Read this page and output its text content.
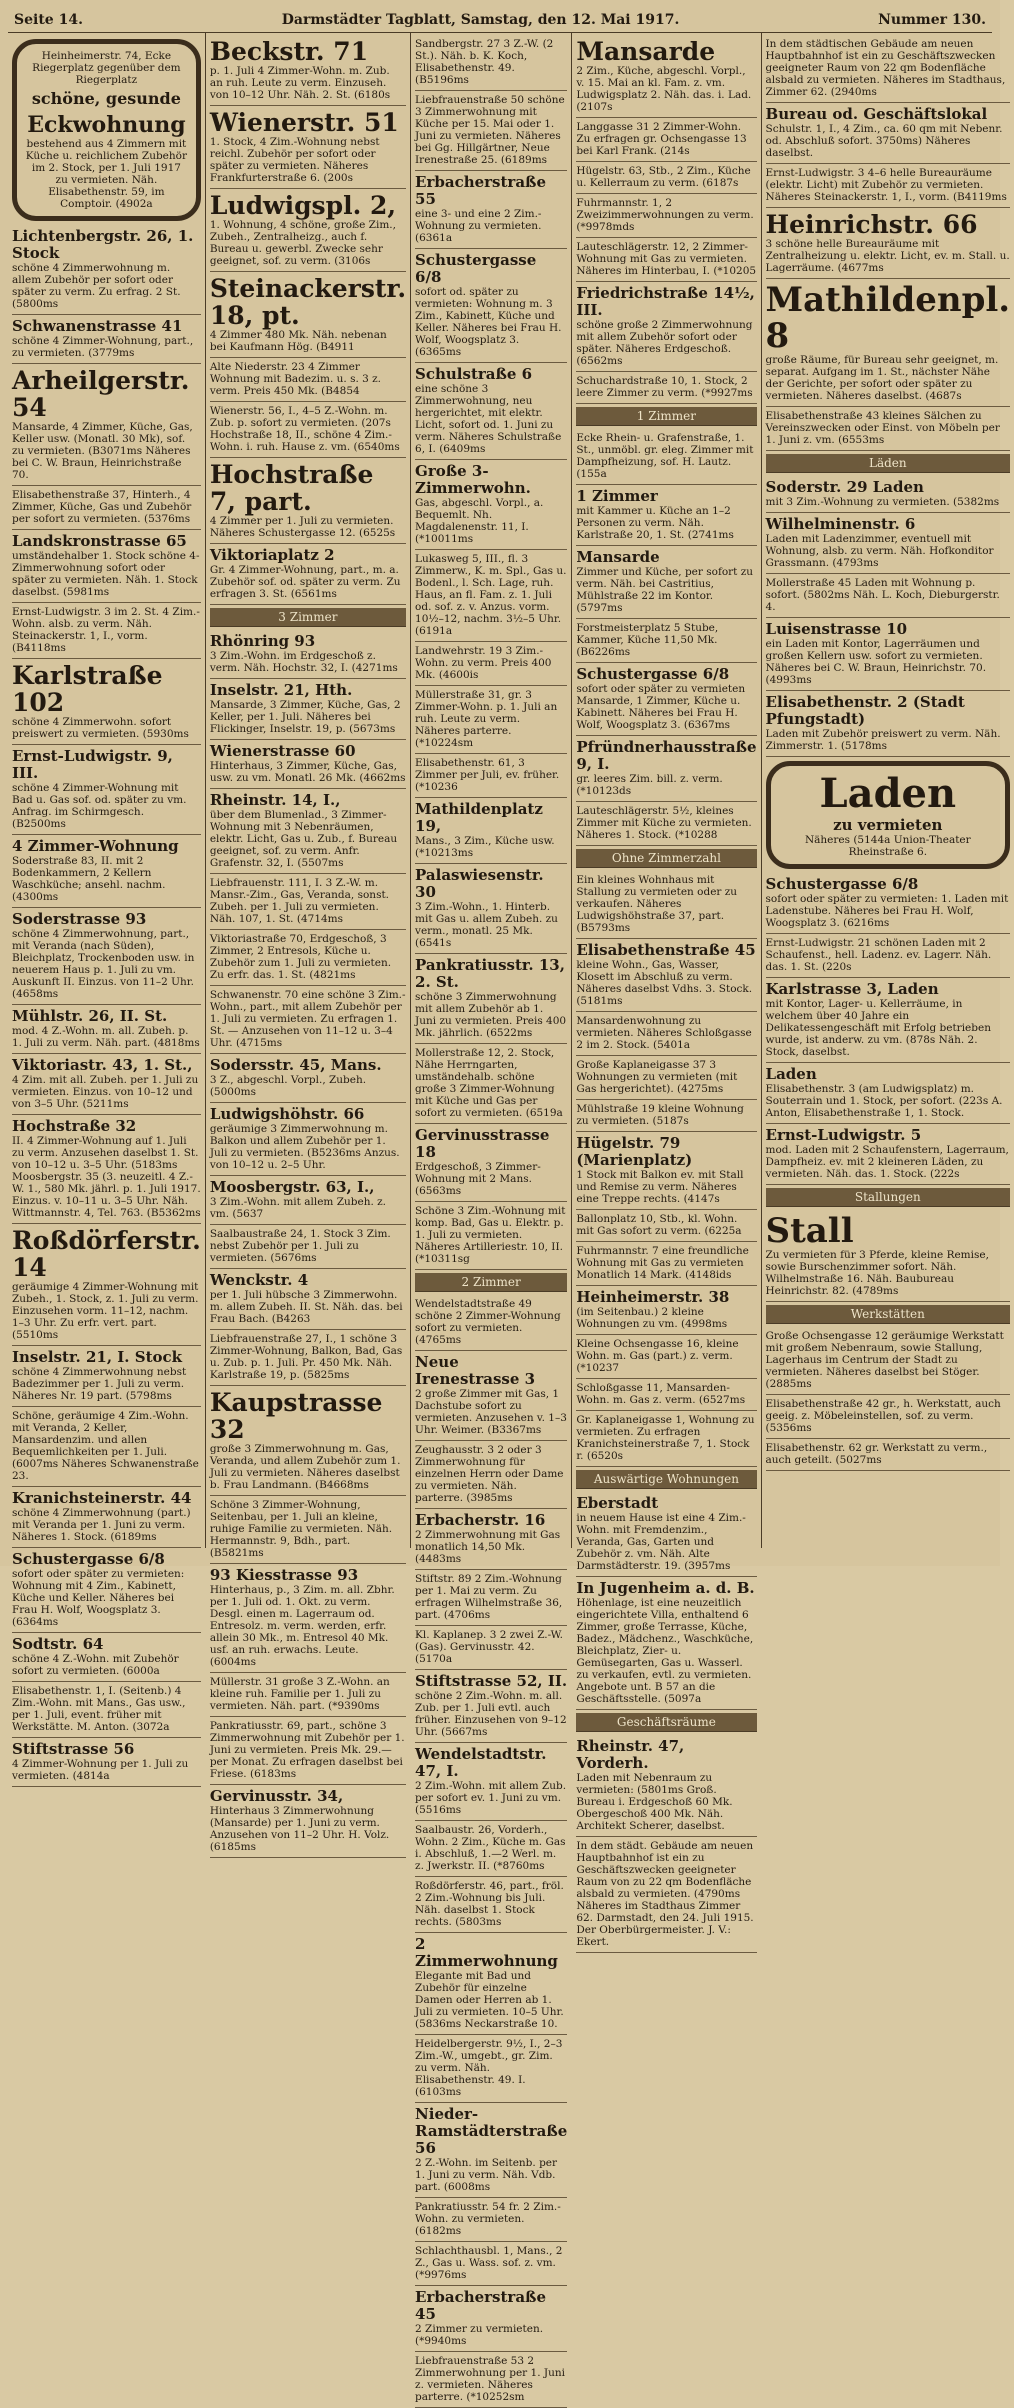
Seite 14.	Darmstädter Tagblatt, Samstag, den 12. Mai 1917.	Nummer 130.
Heinheimerstr. 74, Ecke Riegerplatz gegenüber dem Riegerplatz
schöne, gesunde
Eckwohnung
bestehend aus 4 Zimmern mit Küche u. reichlichem Zubehör im 2. Stock, per 1. Juli 1917 zu vermieten. Näh. Elisabethenstr. 59, im Comptoir. (4902a
Lichtenbergstr. 26, 1. Stock
schöne 4 Zimmerwohnung m. allem Zubehör per sofort oder später zu verm. Zu erfrag. 2 St. (5800ms
Schwanenstrasse 41
schöne 4 Zimmer-Wohnung, part., zu vermieten. (3779ms
Arheilgerstr. 54
Mansarde, 4 Zimmer, Küche, Gas, Keller usw. (Monatl. 30 Mk), sof. zu vermieten. (B3071ms Näheres bei C. W. Braun, Heinrichstraße 70.
Elisabethenstraße 37, Hinterh., 4 Zimmer, Küche, Gas und Zubehör per sofort zu vermieten. (5376ms
Landskronstrasse 65
umständehalber 1. Stock schöne 4-Zimmerwohnung sofort oder später zu vermieten. Näh. 1. Stock daselbst. (5981ms
Ernst-Ludwigstr. 3 im 2. St. 4 Zim.-Wohn. alsb. zu verm. Näh. Steinackerstr. 1, I., vorm. (B4118ms
Karlstraße 102
schöne 4 Zimmerwohn. sofort preiswert zu vermieten. (5930ms
Ernst-Ludwigstr. 9, III.
schöne 4 Zimmer-Wohnung mit Bad u. Gas sof. od. später zu vm. Anfrag. im Schirmgesch. (B2500ms
4 Zimmer-Wohnung
Soderstraße 83, II. mit 2 Bodenkammern, 2 Kellern Waschküche; ansehl. nachm. (4300ms
Soderstrasse 93
schöne 4 Zimmerwohnung, part., mit Veranda (nach Süden), Bleichplatz, Trockenboden usw. in neuerem Haus p. 1. Juli zu vm. Auskunft II. Einzus. von 11–2 Uhr. (4658ms
Mühlstr. 26, II. St.
mod. 4 Z.-Wohn. m. all. Zubeh. p. 1. Juli zu verm. Näh. part. (4818ms
Viktoriastr. 43, 1. St.,
4 Zim. mit all. Zubeh. per 1. Juli zu vermieten. Einzus. von 10–12 und von 3–5 Uhr. (5211ms
Hochstraße 32
II. 4 Zimmer-Wohnung auf 1. Juli zu verm. Anzusehen daselbst 1. St. von 10–12 u. 3–5 Uhr. (5183ms Moosbergstr. 35 (3. neuzeitl. 4 Z.-W. 1., 580 Mk. jährl. p. 1. Juli 1917. Einzus. v. 10–11 u. 3–5 Uhr. Näh. Wittmannstr. 4, Tel. 763. (B5362ms
Roßdörferstr. 14
geräumige 4 Zimmer-Wohnung mit Zubeh., 1. Stock, z. 1. Juli zu verm. Einzusehen vorm. 11–12, nachm. 1–3 Uhr. Zu erfr. vert. part. (5510ms
Inselstr. 21, I. Stock
schöne 4 Zimmerwohnung nebst Badezimmer per 1. Juli zu verm. Näheres Nr. 19 part. (5798ms
Schöne, geräumige 4 Zim.-Wohn. mit Veranda, 2 Keller, Mansardenzim. und allen Bequemlichkeiten per 1. Juli. (6007ms Näheres Schwanenstraße 23.
Kranichsteinerstr. 44
schöne 4 Zimmerwohnung (part.) mit Veranda per 1. Juni zu verm. Näheres 1. Stock. (6189ms
Schustergasse 6/8
sofort oder später zu vermieten: Wohnung mit 4 Zim., Kabinett, Küche und Keller. Näheres bei Frau H. Wolf, Woogsplatz 3. (6364ms
Sodtstr. 64
schöne 4 Z.-Wohn. mit Zubehör sofort zu vermieten. (6000a
Elisabethenstr. 1, I. (Seitenb.) 4 Zim.-Wohn. mit Mans., Gas usw., per 1. Juli, event. früher mit Werkstätte. M. Anton. (3072a
Stiftstrasse 56
4 Zimmer-Wohnung per 1. Juli zu vermieten. (4814a
Beckstr. 71
p. 1. Juli 4 Zimmer-Wohn. m. Zub. an ruh. Leute zu verm. Einzuseh. von 10–12 Uhr. Näh. 2. St. (6180s
Wienerstr. 51
1. Stock, 4 Zim.-Wohnung nebst reichl. Zubehör per sofort oder später zu vermieten. Näheres Frankfurterstraße 6. (200s
Ludwigspl. 2,
1. Wohnung, 4 schöne, große Zim., Zubeh., Zentralheizg., auch f. Bureau u. gewerbl. Zwecke sehr geeignet, sof. zu verm. (3106s
Steinackerstr. 18, pt.
4 Zimmer 480 Mk. Näh. nebenan bei Kaufmann Hög. (B4911
Alte Niederstr. 23 4 Zimmer Wohnung mit Badezim. u. s. 3 z. verm. Preis 450 Mk. (B4854
Wienerstr. 56, I., 4–5 Z.-Wohn. m. Zub. p. sofort zu vermieten. (207s Hochstraße 18, II., schöne 4 Zim.-Wohn. i. ruh. Hause z. vm. (6540ms
Hochstraße 7, part.
4 Zimmer per 1. Juli zu vermieten. Näheres Schustergasse 12. (6525s
Viktoriaplatz 2
Gr. 4 Zimmer-Wohnung, part., m. a. Zubehör sof. od. später zu verm. Zu erfragen 3. St. (6561ms
3 Zimmer
Rhönring 93
3 Zim.-Wohn. im Erdgeschoß z. verm. Näh. Hochstr. 32, I. (4271ms
Inselstr. 21, Hth.
Mansarde, 3 Zimmer, Küche, Gas, 2 Keller, per 1. Juli. Näheres bei Flickinger, Inselstr. 19, p. (5673ms
Wienerstrasse 60
Hinterhaus, 3 Zimmer, Küche, Gas, usw. zu vm. Monatl. 26 Mk. (4662ms
Rheinstr. 14, I.,
über dem Blumenlad., 3 Zimmer-Wohnung mit 3 Nebenräumen, elektr. Licht, Gas u. Zub., f. Bureau geeignet, sof. zu verm. Anfr. Grafenstr. 32, I. (5507ms
Liebfrauenstr. 111, I. 3 Z.-W. m. Mansr.-Zim., Gas, Veranda, sonst. Zubeh. per 1. Juli zu vermieten. Näh. 107, 1. St. (4714ms
Viktoriastraße 70, Erdgeschoß, 3 Zimmer, 2 Entresols, Küche u. Zubehör zum 1. Juli zu vermieten. Zu erfr. das. 1. St. (4821ms
Schwanenstr. 70 eine schöne 3 Zim.-Wohn., part., mit allem Zubehör per 1. Juli zu vermieten. Zu erfragen 1. St. — Anzusehen von 11–12 u. 3–4 Uhr. (4715ms
Sodersstr. 45, Mans.
3 Z., abgeschl. Vorpl., Zubeh. (5000ms
Ludwigshöhstr. 66
geräumige 3 Zimmerwohnung m. Balkon und allem Zubehör per 1. Juli zu vermieten. (B5236ms Anzus. von 10–12 u. 2–5 Uhr.
Moosbergstr. 63, I.,
3 Zim.-Wohn. mit allem Zubeh. z. vm. (5637
Saalbaustraße 24, 1. Stock 3 Zim. nebst Zubehör per 1. Juli zu vermieten. (5676ms
Wenckstr. 4
per 1. Juli hübsche 3 Zimmerwohn. m. allem Zubeh. II. St. Näh. das. bei Frau Bach. (B4263
Liebfrauenstraße 27, I., 1 schöne 3 Zimmer-Wohnung, Balkon, Bad, Gas u. Zub. p. 1. Juli. Pr. 450 Mk. Näh. Karlstraße 19, p. (5825ms
Kaupstrasse 32
große 3 Zimmerwohnung m. Gas, Veranda, und allem Zubehör zum 1. Juli zu vermieten. Näheres daselbst b. Frau Landmann. (B4668ms
Schöne 3 Zimmer-Wohnung, Seitenbau, per 1. Juli an kleine, ruhige Familie zu vermieten. Näh. Hermannstr. 9, Bdh., part. (B5821ms
93 Kiesstrasse 93
Hinterhaus, p., 3 Zim. m. all. Zbhr. per 1. Juli od. 1. Okt. zu verm. Desgl. einen m. Lagerraum od. Entresolz. m. verm. werden, erfr. allein 30 Mk., m. Entresol 40 Mk. usf. an ruh. erwachs. Leute. (6004ms
Müllerstr. 31 große 3 Z.-Wohn. an kleine ruh. Familie per 1. Juli zu vermieten. Näh. part. (*9390ms
Pankratiusstr. 69, part., schöne 3 Zimmerwohnung mit Zubehör per 1. Juni zu vermieten. Preis Mk. 29.— per Monat. Zu erfragen daselbst bei Friese. (6183ms
Gervinusstr. 34,
Hinterhaus 3 Zimmerwohnung (Mansarde) per 1. Juni zu verm. Anzusehen von 11–2 Uhr. H. Volz. (6185ms
Sandbergstr. 27 3 Z.-W. (2 St.). Näh. b. K. Koch, Elisabethenstr. 49. (B5196ms
Liebfrauenstraße 50 schöne 3 Zimmerwohnung mit Küche per 15. Mai oder 1. Juni zu vermieten. Näheres bei Gg. Hillgärtner, Neue Irenestraße 25. (6189ms
Erbacherstraße 55
eine 3- und eine 2 Zim.-Wohnung zu vermieten. (6361a
Schustergasse 6/8
sofort od. später zu vermieten: Wohnung m. 3 Zim., Kabinett, Küche und Keller. Näheres bei Frau H. Wolf, Woogsplatz 3. (6365ms
Schulstraße 6
eine schöne 3 Zimmerwohnung, neu hergerichtet, mit elektr. Licht, sofort od. 1. Juni zu verm. Näheres Schulstraße 6, I. (6409ms
Große 3-Zimmerwohn.
Gas, abgeschl. Vorpl., a. Bequemlt. Nh. Magdalenenstr. 11, I. (*10011ms
Lukasweg 5, III., fl. 3 Zimmerw., K. m. Spl., Gas u. Bodenl., l. Sch. Lage, ruh. Haus, an fl. Fam. z. 1. Juli od. sof. z. v. Anzus. vorm. 10½–12, nachm. 3½–5 Uhr. (6191a
Landwehrstr. 19 3 Zim.-Wohn. zu verm. Preis 400 Mk. (4600is
Müllerstraße 31, gr. 3 Zimmer-Wohn. p. 1. Juli an ruh. Leute zu verm. Näheres parterre. (*10224sm
Elisabethenstr. 61, 3 Zimmer per Juli, ev. früher. (*10236
Mathildenplatz 19,
Mans., 3 Zim., Küche usw. (*10213ms
Palaswiesenstr. 30
3 Zim.-Wohn., 1. Hinterb. mit Gas u. allem Zubeh. zu verm., monatl. 25 Mk. (6541s
Pankratiusstr. 13, 2. St.
schöne 3 Zimmerwohnung mit allem Zubehör ab 1. Juni zu vermieten. Preis 400 Mk. jährlich. (6522ms
Mollerstraße 12, 2. Stock, Nähe Herrngarten, umständehalb. schöne große 3 Zimmer-Wohnung mit Küche und Gas per sofort zu vermieten. (6519a
Gervinusstrasse 18
Erdgeschoß, 3 Zimmer-Wohnung mit 2 Mans. (6563ms
Schöne 3 Zim.-Wohnung mit komp. Bad, Gas u. Elektr. p. 1. Juli zu vermieten. Näheres Artilleriestr. 10, II. (*10311sg
2 Zimmer
Wendelstadtstraße 49 schöne 2 Zimmer-Wohnung sofort zu vermieten. (4765ms
Neue Irenestrasse 3
2 große Zimmer mit Gas, 1 Dachstube sofort zu vermieten. Anzusehen v. 1–3 Uhr. Weimer. (B3367ms
Zeughausstr. 3 2 oder 3 Zimmerwohnung für einzelnen Herrn oder Dame zu vermieten. Näh. parterre. (3985ms
Erbacherstr. 16
2 Zimmerwohnung mit Gas monatlich 14,50 Mk. (4483ms
Stiftstr. 89 2 Zim.-Wohnung per 1. Mai zu verm. Zu erfragen Wilhelmstraße 36, part. (4706ms
Kl. Kaplanep. 3 2 zwei Z.-W. (Gas). Gervinusstr. 42. (5170a
Stiftstrasse 52, II.
schöne 2 Zim.-Wohn. m. all. Zub. per 1. Juli evtl. auch früher. Einzusehen von 9–12 Uhr. (5667ms
Wendelstadtstr. 47, I.
2 Zim.-Wohn. mit allem Zub. per sofort ev. 1. Juni zu vm. (5516ms
Saalbaustr. 26, Vorderh., Wohn. 2 Zim., Küche m. Gas i. Abschluß, 1.—2 Werl. m. z. Jwerkstr. II. (*8760ms
Roßdörferstr. 46, part., fröl. 2 Zim.-Wohnung bis Juli. Näh. daselbst 1. Stock rechts. (5803ms
2 Zimmerwohnung
Elegante mit Bad und Zubehör für einzelne Damen oder Herren ab 1. Juli zu vermieten. 10–5 Uhr. (5836ms Neckarstraße 10.
Heidelbergerstr. 9½, I., 2–3 Zim.-W., umgebt., gr. Zim. zu verm. Näh. Elisabethenstr. 49. I. (6103ms
Nieder-Ramstädterstraße 56
2 Z.-Wohn. im Seitenb. per 1. Juni zu verm. Näh. Vdb. part. (6008ms
Pankratiusstr. 54 fr. 2 Zim.-Wohn. zu vermieten. (6182ms
Schlachthausbl. 1, Mans., 2 Z., Gas u. Wass. sof. z. vm. (*9976ms
Erbacherstraße 45
2 Zimmer zu vermieten. (*9940ms
Liebfrauenstraße 53 2 Zimmerwohnung per 1. Juni z. vermieten. Näheres parterre. (*10252sm
Mansarde
2 Zim., Küche, abgeschl. Vorpl., v. 15. Mai an kl. Fam. z. vm. Ludwigsplatz 2. Näh. das. i. Lad. (2107s
Langgasse 31 2 Zimmer-Wohn. Zu erfragen gr. Ochsengasse 13 bei Karl Frank. (214s
Hügelstr. 63, Stb., 2 Zim., Küche u. Kellerraum zu verm. (6187s
Fuhrmannstr. 1, 2 Zweizimmerwohnungen zu verm. (*9978mds
Lauteschlägerstr. 12, 2 Zimmer-Wohnung mit Gas zu vermieten. Näheres im Hinterbau, I. (*10205
Friedrichstraße 14½, III.
schöne große 2 Zimmerwohnung mit allem Zubehör sofort oder später. Näheres Erdgeschoß. (6562ms
Schuchardstraße 10, 1. Stock, 2 leere Zimmer zu verm. (*9927ms
1 Zimmer
Ecke Rhein- u. Grafenstraße, 1. St., unmöbl. gr. eleg. Zimmer mit Dampfheizung, sof. H. Lautz. (155a
1 Zimmer
mit Kammer u. Küche an 1–2 Personen zu verm. Näh. Karlstraße 20, 1. St. (2741ms
Mansarde
Zimmer und Küche, per sofort zu verm. Näh. bei Castritius, Mühlstraße 22 im Kontor. (5797ms
Forstmeisterplatz 5 Stube, Kammer, Küche 11,50 Mk. (B6226ms
Schustergasse 6/8
sofort oder später zu vermieten Mansarde, 1 Zimmer, Küche u. Kabinett. Näheres bei Frau H. Wolf, Woogsplatz 3. (6367ms
Pfründnerhausstraße 9, I.
gr. leeres Zim. bill. z. verm. (*10123ds
Lauteschlägerstr. 5½, kleines Zimmer mit Küche zu vermieten. Näheres 1. Stock. (*10288
Ohne Zimmerzahl
Ein kleines Wohnhaus mit Stallung zu vermieten oder zu verkaufen. Näheres Ludwigshöhstraße 37, part. (B5793ms
Elisabethenstraße 45
kleine Wohn., Gas, Wasser, Klosett im Abschluß zu verm. Näheres daselbst Vdhs. 3. Stock. (5181ms
Mansardenwohnung zu vermieten. Näheres Schloßgasse 2 im 2. Stock. (5401a
Große Kaplaneigasse 37 3 Wohnungen zu vermieten (mit Gas hergerichtet). (4275ms
Mühlstraße 19 kleine Wohnung zu vermieten. (5187s
Hügelstr. 79 (Marienplatz)
1 Stock mit Balkon ev. mit Stall und Remise zu verm. Näheres eine Treppe rechts. (4147s
Ballonplatz 10, Stb., kl. Wohn. mit Gas sofort zu verm. (6225a
Fuhrmannstr. 7 eine freundliche Wohnung mit Gas zu vermieten Monatlich 14 Mark. (4148ids
Heinheimerstr. 38
(im Seitenbau.) 2 kleine Wohnungen zu vm. (4998ms
Kleine Ochsengasse 16, kleine Wohn. m. Gas (part.) z. verm. (*10237
Schloßgasse 11, Mansarden-Wohn. m. Gas z. verm. (6527ms
Gr. Kaplaneigasse 1, Wohnung zu vermieten. Zu erfragen Kranichsteinerstraße 7, 1. Stock r. (6520s
Auswärtige Wohnungen
Eberstadt
in neuem Hause ist eine 4 Zim.-Wohn. mit Fremdenzim., Veranda, Gas, Garten und Zubehör z. vm. Näh. Alte Darmstädterstr. 19. (3957ms
In Jugenheim a. d. B.
Höhenlage, ist eine neuzeitlich eingerichtete Villa, enthaltend 6 Zimmer, große Terrasse, Küche, Badez., Mädchenz., Waschküche, Bleichplatz, Zier- u. Gemüsegarten, Gas u. Wasserl. zu verkaufen, evtl. zu vermieten. Angebote unt. B 57 an die Geschäftsstelle. (5097a
Geschäftsräume
Rheinstr. 47, Vorderh.
Laden mit Nebenraum zu vermieten: (5801ms Groß. Bureau i. Erdgeschoß 60 Mk. Obergeschoß 400 Mk. Näh. Architekt Scherer, daselbst.
In dem städt. Gebäude am neuen Hauptbahnhof ist ein zu Geschäftszwecken geeigneter Raum von zu 22 qm Bodenfläche alsbald zu vermieten. (4790ms Näheres im Stadthaus Zimmer 62. Darmstadt, den 24. Juli 1915. Der Oberbürgermeister. J. V.: Ekert.
In dem städtischen Gebäude am neuen Hauptbahnhof ist ein zu Geschäftszwecken geeigneter Raum von 22 qm Bodenfläche alsbald zu vermieten. Näheres im Stadthaus, Zimmer 62. (2940ms
Bureau od. Geschäftslokal
Schulstr. 1, I., 4 Zim., ca. 60 qm mit Nebenr. od. Abschluß sofort. 3750ms) Näheres daselbst.
Ernst-Ludwigstr. 3 4–6 helle Bureauräume (elektr. Licht) mit Zubehör zu vermieten. Näheres Steinackerstr. 1, I., vorm. (B4119ms
Heinrichstr. 66
3 schöne helle Bureauräume mit Zentralheizung u. elektr. Licht, ev. m. Stall. u. Lagerräume. (4677ms
Mathildenpl. 8
große Räume, für Bureau sehr geeignet, m. separat. Aufgang im 1. St., nächster Nähe der Gerichte, per sofort oder später zu vermieten. Näheres daselbst. (4687s
Elisabethenstraße 43 kleines Sälchen zu Vereinszwecken oder Einst. von Möbeln per 1. Juni z. vm. (6553ms
Läden
Soderstr. 29 Laden
mit 3 Zim.-Wohnung zu vermieten. (5382ms
Wilhelminenstr. 6
Laden mit Ladenzimmer, eventuell mit Wohnung, alsb. zu verm. Näh. Hofkonditor Grassmann. (4793ms
Mollerstraße 45 Laden mit Wohnung p. sofort. (5802ms Näh. L. Koch, Dieburgerstr. 4.
Luisenstrasse 10
ein Laden mit Kontor, Lagerräumen und großen Kellern usw. sofort zu vermieten. Näheres bei C. W. Braun, Heinrichstr. 70. (4993ms
Elisabethenstr. 2 (Stadt Pfungstadt)
Laden mit Zubehör preiswert zu verm. Näh. Zimmerstr. 1. (5178ms
Laden
zu vermieten
Näheres (5144a Union-Theater Rheinstraße 6.
Schustergasse 6/8
sofort oder später zu vermieten: 1. Laden mit Ladenstube. Näheres bei Frau H. Wolf, Woogsplatz 3. (6216ms
Ernst-Ludwigstr. 21 schönen Laden mit 2 Schaufenst., hell. Ladenz. ev. Lagerr. Näh. das. 1. St. (220s
Karlstrasse 3, Laden
mit Kontor, Lager- u. Kellerräume, in welchem über 40 Jahre ein Delikatessengeschäft mit Erfolg betrieben wurde, ist anderw. zu vm. (878s Näh. 2. Stock, daselbst.
Laden
Elisabethenstr. 3 (am Ludwigsplatz) m. Souterrain und 1. Stock, per sofort. (223s A. Anton, Elisabethenstraße 1, 1. Stock.
Ernst-Ludwigstr. 5
mod. Laden mit 2 Schaufenstern, Lagerraum, Dampfheiz. ev. mit 2 kleineren Läden, zu vermieten. Näh. das. 1. Stock. (222s
Stallungen
Stall
Zu vermieten für 3 Pferde, kleine Remise, sowie Burschenzimmer sofort. Näh. Wilhelmstraße 16. Näh. Baubureau Heinrichstr. 82. (4789ms
Werkstätten
Große Ochsengasse 12 geräumige Werkstatt mit großem Nebenraum, sowie Stallung, Lagerhaus im Centrum der Stadt zu vermieten. Näheres daselbst bei Stöger. (2885ms
Elisabethenstraße 42 gr., h. Werkstatt, auch geeig. z. Möbeleinstellen, sof. zu verm. (5356ms
Elisabethenstr. 62 gr. Werkstatt zu verm., auch geteilt. (5027ms
